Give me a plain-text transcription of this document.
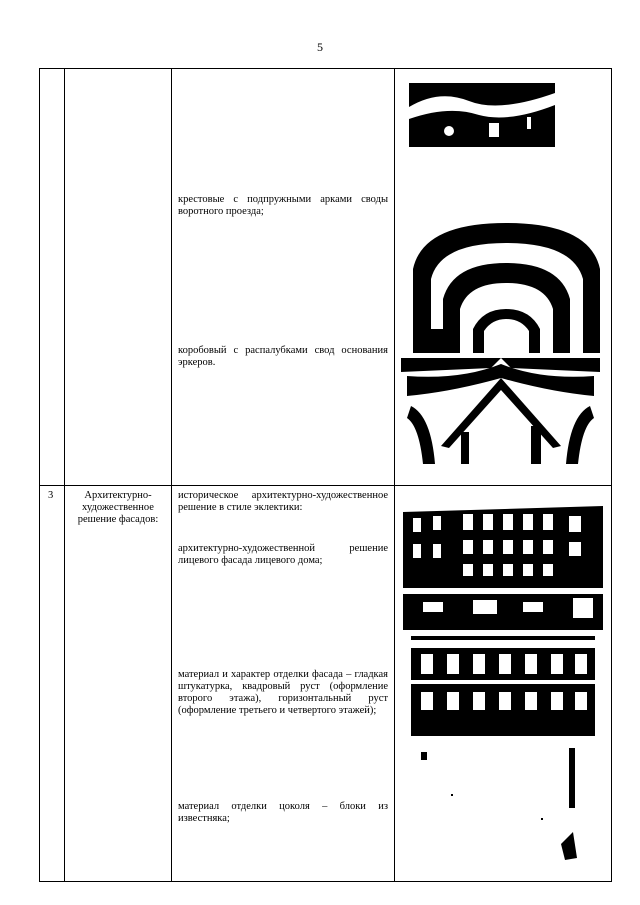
5

		крестовые с подпружными арками своды воротного проезда;
коробовый с распалубками свод основания эркеров.

3	Архитектурно-художественное решение фасадов:	историческое архитектурно-художественное решение в стиле эклектики:
архитектурно-художественной решение лицевого фасада лицевого дома;
материал и характер отделки фасада – гладкая штукатурка, квадровый руст (оформление второго этажа), горизонтальный руст (оформление третьего и четвертого этажей);
материал отделки цоколя – блоки из известняка;
